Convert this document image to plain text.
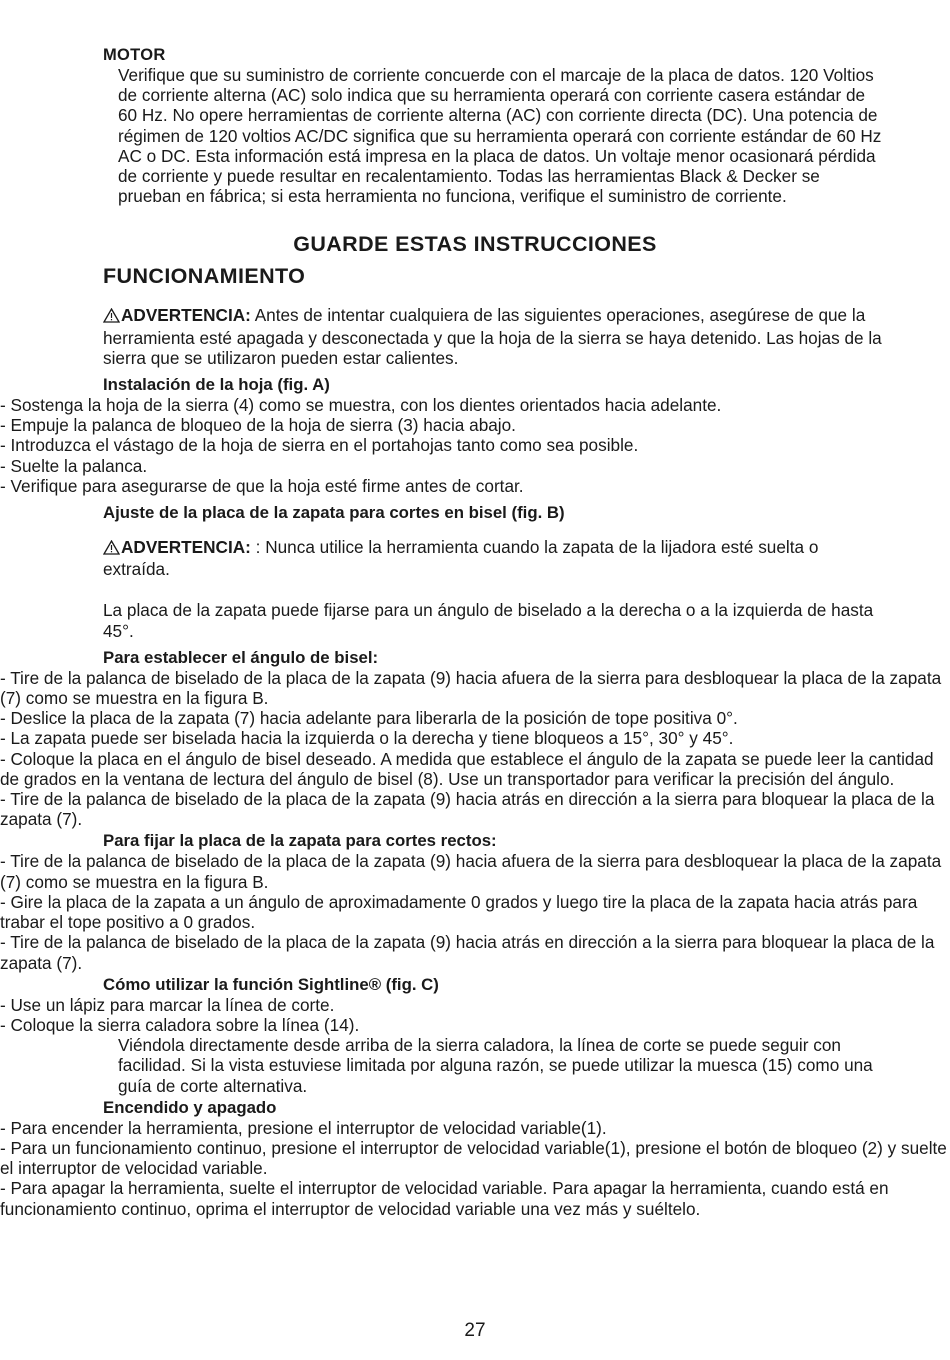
MOTOR

Verifique que su suministro de corriente concuerde con el marcaje de la placa de datos. 120 Voltios de corriente alterna (AC) solo indica que su herramienta operará con corriente casera estándar de 60 Hz. No opere herramientas de corriente alterna (AC) con corriente directa (DC). Una potencia de régimen de 120 voltios AC/DC significa que su herramienta operará con corriente estándar de 60 Hz AC o DC. Esta información está impresa en la placa de datos. Un voltaje menor ocasionará pérdida de corriente y puede resultar en recalentamiento. Todas las herramientas Black & Decker se prueban en fábrica; si esta herramienta no funciona, verifique el suministro de corriente.

GUARDE ESTAS INSTRUCCIONES
FUNCIONAMIENTO

ADVERTENCIA: Antes de intentar cualquiera de las siguientes operaciones, asegúrese de que la herramienta esté apagada y desconectada y que la hoja de la sierra se haya detenido. Las hojas de la sierra que se utilizaron pueden estar calientes.

Instalación de la hoja (fig. A)
- Sostenga la hoja de la sierra (4) como se muestra, con los dientes orientados hacia adelante.
- Empuje la palanca de bloqueo de la hoja de sierra (3) hacia abajo.
- Introduzca el vástago de la hoja de sierra en el portahojas tanto como sea posible.
- Suelte la palanca.
- Verifique para asegurarse de que la hoja esté firme antes de cortar.
Ajuste de la placa de la zapata para cortes en bisel (fig. B)

ADVERTENCIA: : Nunca utilice la herramienta cuando la zapata de la lijadora esté suelta o extraída.

La placa de la zapata puede fijarse para un ángulo de biselado a la derecha o a la izquierda de hasta 45°.

Para establecer el ángulo de bisel:
- Tire de la palanca de biselado de la placa de la zapata (9) hacia afuera de la sierra para desbloquear la placa de la zapata (7) como se muestra en la figura B.
- Deslice la placa de la zapata (7) hacia adelante para liberarla de la posición de tope positiva 0°.
- La zapata puede ser biselada hacia la izquierda o la derecha y tiene bloqueos a 15°, 30° y 45°.
- Coloque la placa en el ángulo de bisel deseado. A medida que establece el ángulo de la zapata se puede leer la cantidad de grados en la ventana de lectura del ángulo de bisel (8). Use un transportador para verificar la precisión del ángulo.
- Tire de la palanca de biselado de la placa de la zapata (9) hacia atrás en dirección a la sierra para bloquear la placa de la zapata (7).
Para fijar la placa de la zapata para cortes rectos:
- Tire de la palanca de biselado de la placa de la zapata (9) hacia afuera de la sierra para desbloquear la placa de la zapata (7) como se muestra en la figura B.
- Gire la placa de la zapata a un ángulo de aproximadamente 0 grados y luego tire la placa de la zapata hacia atrás para trabar el tope positivo a 0 grados.
- Tire de la palanca de biselado de la placa de la zapata (9) hacia atrás en dirección a la sierra para bloquear la placa de la zapata (7).
Cómo utilizar la función Sightline® (fig. C)
- Use un lápiz para marcar la línea de corte.
- Coloque la sierra caladora sobre la línea (14).

Viéndola directamente desde arriba de la sierra caladora, la línea de corte se puede seguir con facilidad. Si la vista estuviese limitada por alguna razón, se puede utilizar la muesca (15) como una guía de corte alternativa.

Encendido y apagado
- Para encender la herramienta, presione el interruptor de velocidad variable(1).
- Para un funcionamiento continuo, presione el interruptor de velocidad variable(1), presione el botón de bloqueo (2) y suelte el interruptor de velocidad variable.
- Para apagar la herramienta, suelte el interruptor de velocidad variable. Para apagar la herramienta, cuando está en funcionamiento continuo, oprima el interruptor de velocidad variable una vez más y suéltelo.
27
